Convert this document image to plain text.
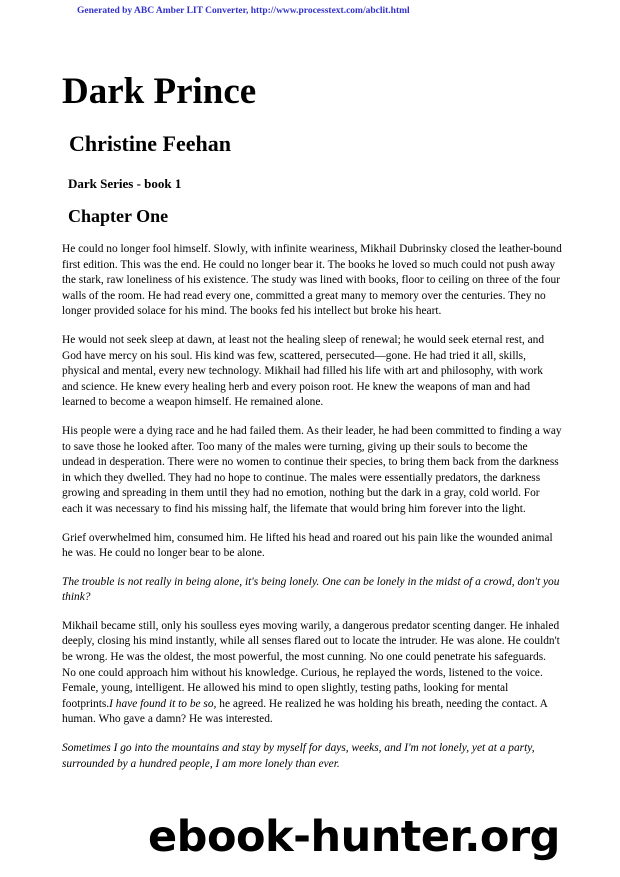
Generated by ABC Amber LIT Converter, http://www.processtext.com/abclit.html
Dark Prince
Christine Feehan
Dark Series - book 1
Chapter One

He could no longer fool himself. Slowly, with infinite weariness, Mikhail Dubrinsky closed the leather-bound first edition. This was the end. He could no longer bear it. The books he loved so much could not push away the stark, raw loneliness of his existence. The study was lined with books, floor to ceiling on three of the four walls of the room. He had read every one, committed a great many to memory over the centuries. They no longer provided solace for his mind. The books fed his intellect but broke his heart.

He would not seek sleep at dawn, at least not the healing sleep of renewal; he would seek eternal rest, and God have mercy on his soul. His kind was few, scattered, persecuted—gone. He had tried it all, skills, physical and mental, every new technology. Mikhail had filled his life with art and philosophy, with work and science. He knew every healing herb and every poison root. He knew the weapons of man and had learned to become a weapon himself. He remained alone.

His people were a dying race and he had failed them. As their leader, he had been committed to finding a way to save those he looked after. Too many of the males were turning, giving up their souls to become the undead in desperation. There were no women to continue their species, to bring them back from the darkness in which they dwelled. They had no hope to continue. The males were essentially predators, the darkness growing and spreading in them until they had no emotion, nothing but the dark in a gray, cold world. For each it was necessary to find his missing half, the lifemate that would bring him forever into the light.

Grief overwhelmed him, consumed him. He lifted his head and roared out his pain like the wounded animal he was. He could no longer bear to be alone.

The trouble is not really in being alone, it's being lonely. One can be lonely in the midst of a crowd, don't you think?

Mikhail became still, only his soulless eyes moving warily, a dangerous predator scenting danger. He inhaled deeply, closing his mind instantly, while all senses flared out to locate the intruder. He was alone. He couldn't be wrong. He was the oldest, the most powerful, the most cunning. No one could penetrate his safeguards. No one could approach him without his knowledge. Curious, he replayed the words, listened to the voice. Female, young, intelligent. He allowed his mind to open slightly, testing paths, looking for mental footprints.I have found it to be so, he agreed. He realized he was holding his breath, needing the contact. A human. Who gave a damn? He was interested.

Sometimes I go into the mountains and stay by myself for days, weeks, and I'm not lonely, yet at a party, surrounded by a hundred people, I am more lonely than ever.

ebook-hunter.org
